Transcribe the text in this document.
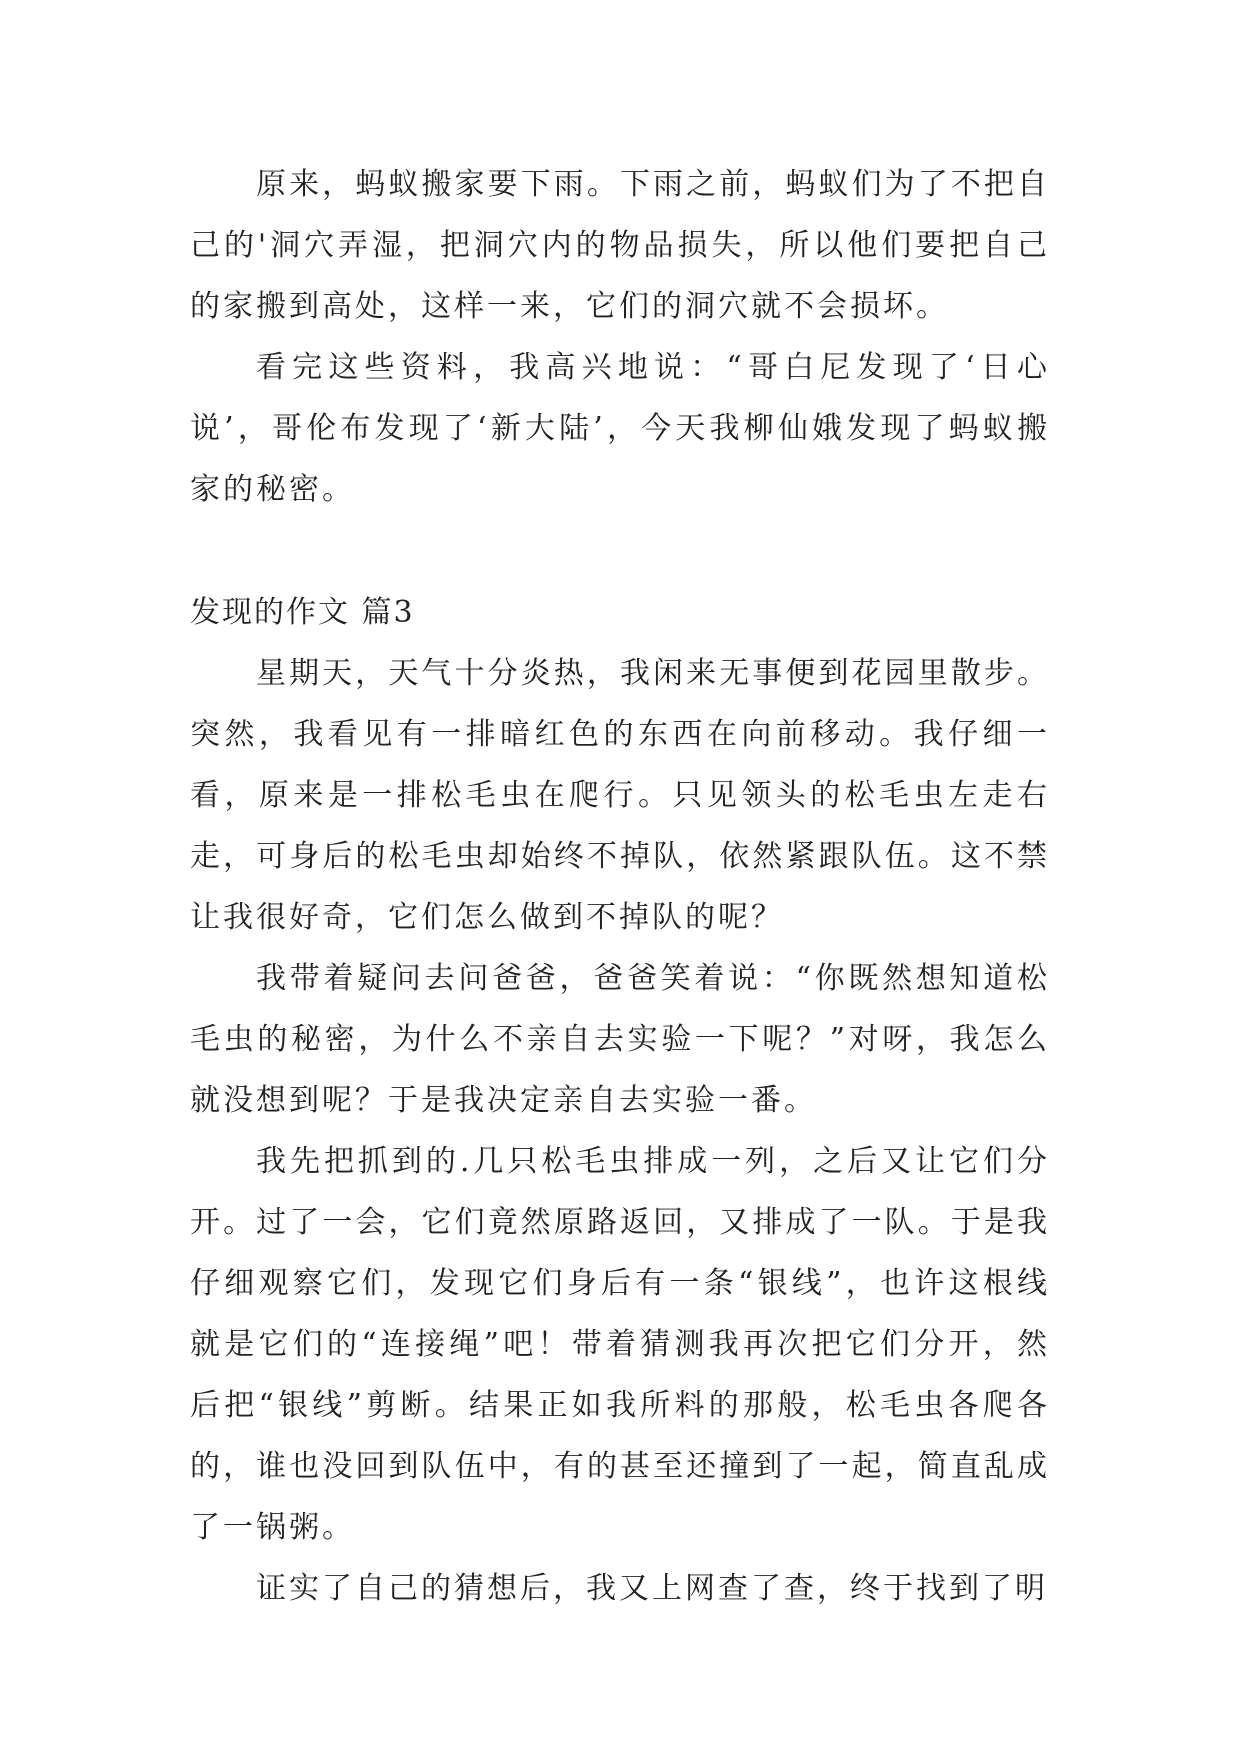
原来，蚂蚁搬家要下雨。下雨之前，蚂蚁们为了不把自己的'洞穴弄湿，把洞穴内的物品损失，所以他们要把自己的家搬到高处，这样一来，它们的洞穴就不会损坏。

看完这些资料，我高兴地说：“哥白尼发现了‘日心说’，哥伦布发现了‘新大陆’，今天我柳仙娥发现了蚂蚁搬家的秘密。

发现的作文 篇3

星期天，天气十分炎热，我闲来无事便到花园里散步。突然，我看见有一排暗红色的东西在向前移动。我仔细一看，原来是一排松毛虫在爬行。只见领头的松毛虫左走右走，可身后的松毛虫却始终不掉队，依然紧跟队伍。这不禁让我很好奇，它们怎么做到不掉队的呢？

我带着疑问去问爸爸，爸爸笑着说：“你既然想知道松毛虫的秘密，为什么不亲自去实验一下呢？”对呀，我怎么就没想到呢？于是我决定亲自去实验一番。

我先把抓到的.几只松毛虫排成一列，之后又让它们分开。过了一会，它们竟然原路返回，又排成了一队。于是我仔细观察它们，发现它们身后有一条“银线”，也许这根线就是它们的“连接绳”吧！带着猜测我再次把它们分开，然后把“银线”剪断。结果正如我所料的那般，松毛虫各爬各的，谁也没回到队伍中，有的甚至还撞到了一起，简直乱成了一锅粥。

证实了自己的猜想后，我又上网查了查，终于找到了明
